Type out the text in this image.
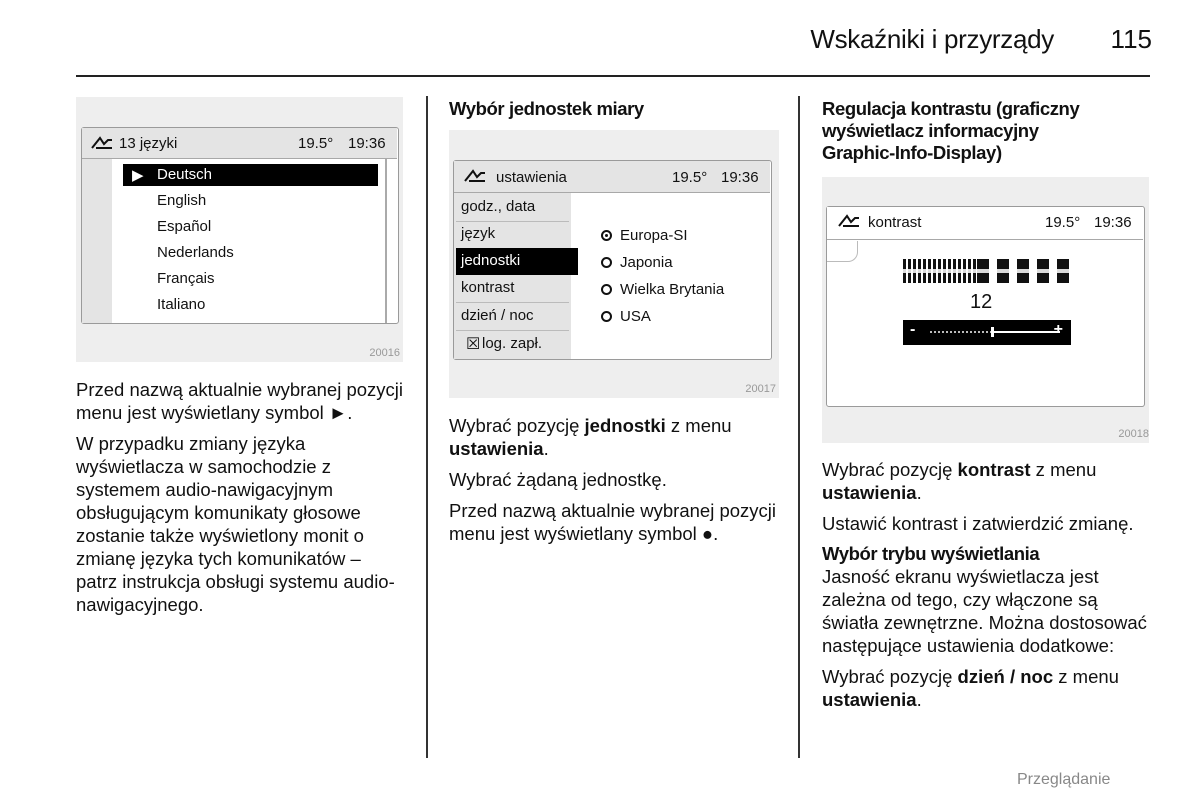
Wskaźniki i przyrządy 115
13 języki	19.5° 19:36
▶ Deutsch
English
Español
Nederlands
Français
Italiano
20016

Przed nazwą aktualnie wybranej pozycji menu jest wyświetlany symbol ►.

W przypadku zmiany języka wyświetlacza w samochodzie z systemem audio-nawigacyjnym obsługującym komunikaty głosowe zostanie także wyświetlony monit o zmianę języka tych komunikatów – patrz instrukcja obsługi systemu audio-nawigacyjnego.

Wybór jednostek miary
ustawienia	19.5° 19:36
godz., data
język
jednostki
kontrast
dzień / noc
☒ log. zapł.
Europa-SI
Japonia
Wielka Brytania
USA
20017

Wybrać pozycję jednostki z menu ustawienia.

Wybrać żądaną jednostkę.

Przed nazwą aktualnie wybranej pozycji menu jest wyświetlany symbol ●.

Regulacja kontrastu (graficzny
wyświetlacz informacyjny
Graphic-Info-Display)
kontrast	19.5° 19:36
12
-	+
20018

Wybrać pozycję kontrast z menu
ustawienia.

Ustawić kontrast i zatwierdzić zmianę.

Wybór trybu wyświetlania

Jasność ekranu wyświetlacza jest zależna od tego, czy włączone są światła zewnętrzne. Można dostosować następujące ustawienia dodatkowe:

Wybrać pozycję dzień / noc z menu
ustawienia.

Przeglądanie
